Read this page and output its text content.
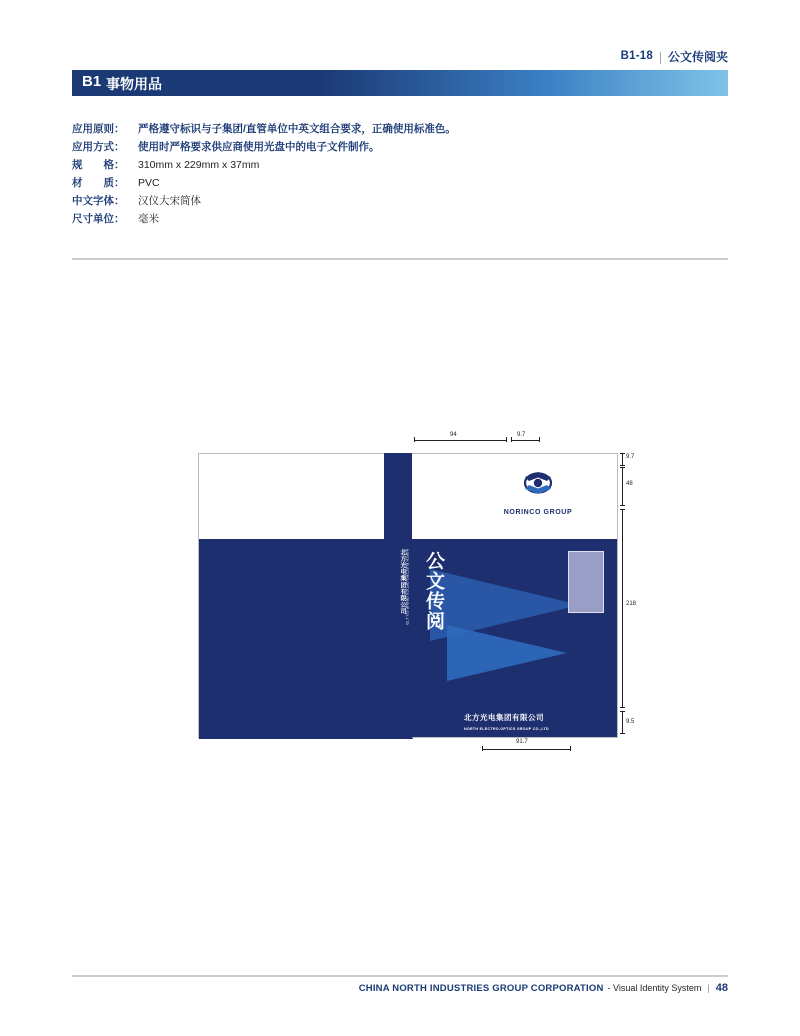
B1-18 公文传阅夹
B1 事物用品
应用原则：	严格遵守标识与子集团/直管单位中英文组合要求，正确使用标准色。
应用方式：	使用时严格要求供应商使用光盘中的电子文件制作。
规　　格：	310mm x 229mm x 37mm
材　　质：	PVC
中文字体：	汉仪大宋简体
尺寸单位：	毫米
北方光电集团有限公司 NORTH ELECTRO-OPTICS GROUP CO.,LTD
NORINCO GROUP
公文传阅
北方光电集团有限公司
NORTH ELECTRO-OPTICS GROUP CO.,LTD
94	9.7
9.7
48
218
9.5
91.7
CHINA NORTH INDUSTRIES GROUP CORPORATION - Visual Identity System | 48
